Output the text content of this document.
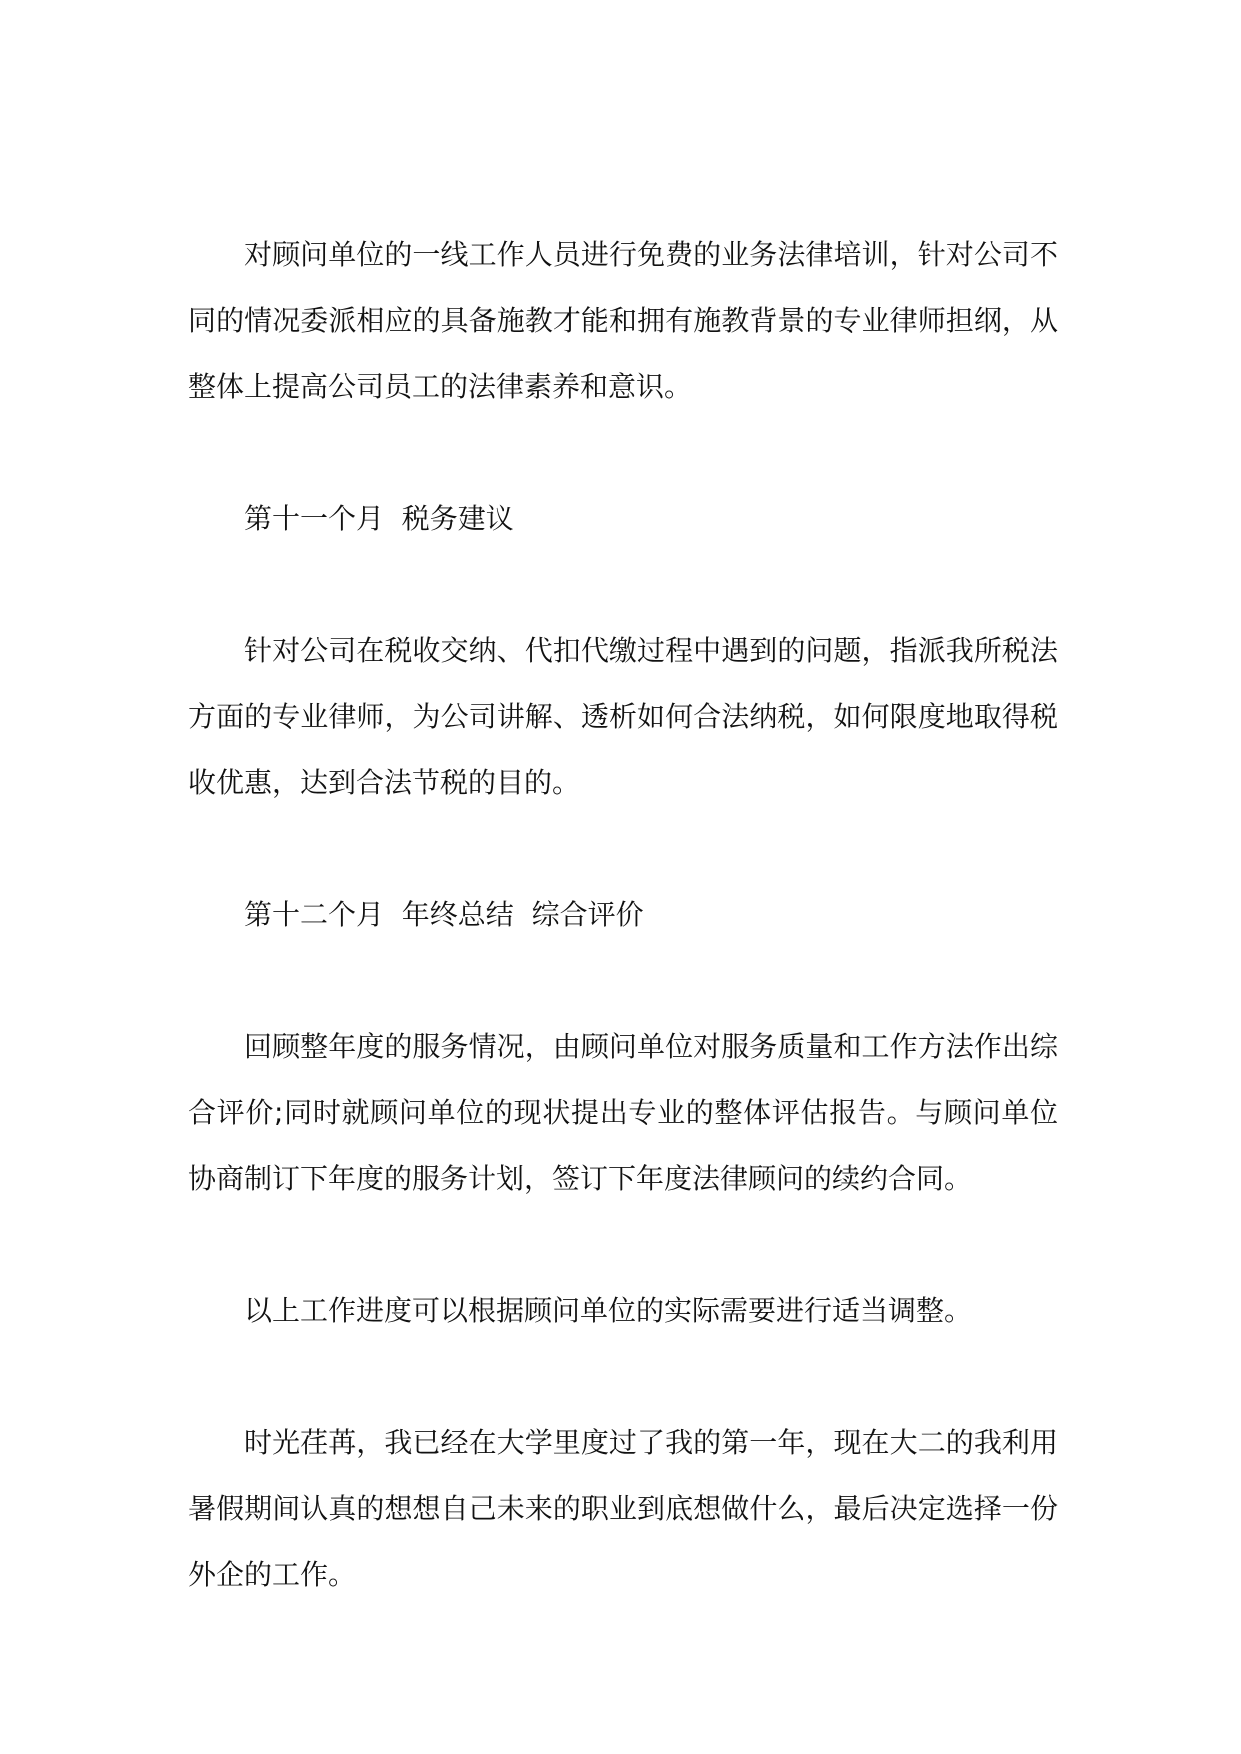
对顾问单位的一线工作人员进行免费的业务法律培训，针对公司不同的情况委派相应的具备施教才能和拥有施教背景的专业律师担纲，从整体上提高公司员工的法律素养和意识。

第十一个月  税务建议

针对公司在税收交纳、代扣代缴过程中遇到的问题，指派我所税法方面的专业律师，为公司讲解、透析如何合法纳税，如何限度地取得税收优惠，达到合法节税的目的。

第十二个月  年终总结  综合评价

回顾整年度的服务情况，由顾问单位对服务质量和工作方法作出综合评价;同时就顾问单位的现状提出专业的整体评估报告。与顾问单位协商制订下年度的服务计划，签订下年度法律顾问的续约合同。

以上工作进度可以根据顾问单位的实际需要进行适当调整。

时光荏苒，我已经在大学里度过了我的第一年，现在大二的我利用暑假期间认真的想想自己未来的职业到底想做什么，最后决定选择一份外企的工作。
